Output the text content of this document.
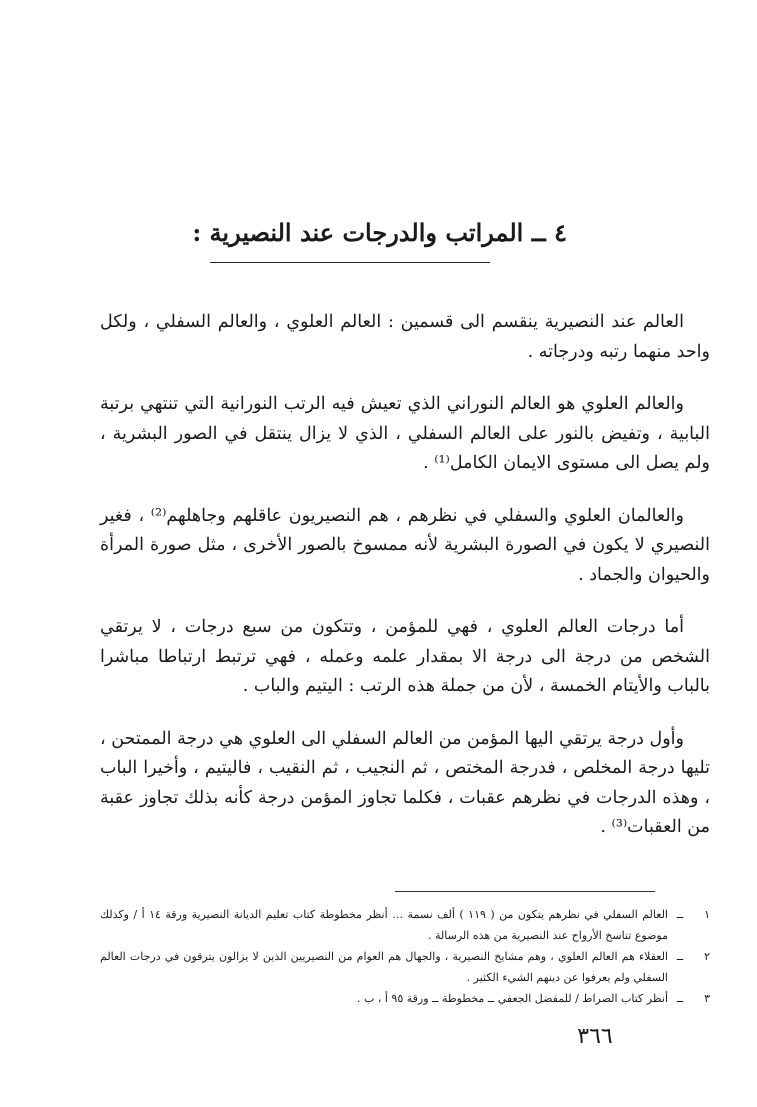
٤ ــ المراتب والدرجات عند النصيرية :

العالم عند النصيرية ينقسم الى قسمين : العالم العلوي ، والعالم السفلي ، ولكل واحد منهما رتبه ودرجاته .

والعالم العلوي هو العالم النوراني الذي تعيش فيه الرتب النورانية التي تنتهي برتبة البابية ، وتفيض بالنور على العالم السفلي ، الذي لا يزال ينتقل في الصور البشرية ، ولم يصل الى مستوى الايمان الكامل⁽¹⁾ .

والعالمان العلوي والسفلي في نظرهم ، هم النصيريون عاقلهم وجاهلهم⁽²⁾ ، فغير النصيري لا يكون في الصورة البشرية لأنه ممسوخ بالصور الأخرى ، مثل صورة المرأة والحيوان والجماد .

أما درجات العالم العلوي ، فهي للمؤمن ، وتتكون من سبع درجات ، لا يرتقي الشخص من درجة الى درجة الا بمقدار علمه وعمله ، فهي ترتبط ارتباطا مباشرا بالباب والأيتام الخمسة ، لأن من جملة هذه الرتب : اليتيم والباب .

وأول درجة يرتقي اليها المؤمن من العالم السفلي الى العلوي هي درجة الممتحن ، تليها درجة المخلص ، فدرجة المختص ، ثم النجيب ، ثم النقيب ، فاليتيم ، وأخيرا الباب ، وهذه الدرجات في نظرهم عقبات ، فكلما تجاوز المؤمن درجة كأنه بذلك تجاوز عقبة من العقبات⁽³⁾ .

١
ــ
العالم السفلي في نظرهم يتكون من ( ١١٩ ) ألف نسمة … أنظر مخطوطة كتاب تعليم الديانة النصيرية ورقة ١٤ أ / وكذلك موضوع تناسخ الأرواح عند النصيرية من هذه الرسالة .
٢
ــ
العقلاء هم العالم العلوي ، وهم مشايخ النصيرية ، والجهال هم العوام من النصيريين الذين لا يزالون يترقون في درجات العالم السفلي ولم يعرفوا عن دينهم الشيء الكثير .
٣
ــ
أنظر كتاب الصراط / للمفضل الجعفي ــ مخطوطة ــ ورقة ٩٥ أ ، ب .
٣٦٦
